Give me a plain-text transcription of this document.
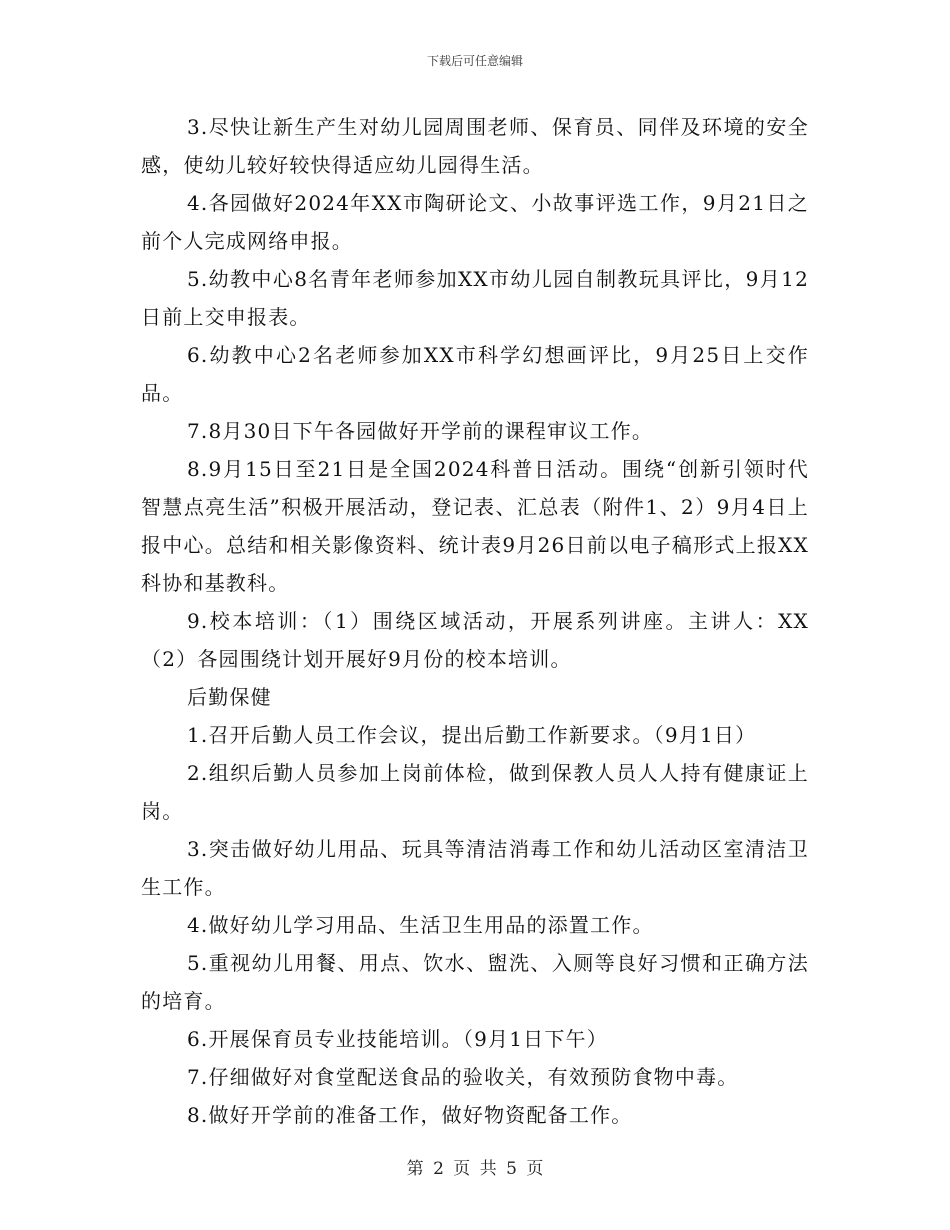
下载后可任意编辑

3.尽快让新生产生对幼儿园周围老师、保育员、同伴及环境的安全感，使幼儿较好较快得适应幼儿园得生活。

4.各园做好2024年XX市陶研论文、小故事评选工作，9月21日之前个人完成网络申报。

5.幼教中心8名青年老师参加XX市幼儿园自制教玩具评比，9月12日前上交申报表。

6.幼教中心2名老师参加XX市科学幻想画评比，9月25日上交作品。

7.8月30日下午各园做好开学前的课程审议工作。

8.9月15日至21日是全国2024科普日活动。围绕“创新引领时代 智慧点亮生活”积极开展活动，登记表、汇总表（附件1、2）9月4日上报中心。总结和相关影像资料、统计表9月26日前以电子稿形式上报XX科协和基教科。

9.校本培训：（1）围绕区域活动，开展系列讲座。主讲人：XX（2）各园围绕计划开展好9月份的校本培训。

后勤保健

1.召开后勤人员工作会议，提出后勤工作新要求。（9月1日）

2.组织后勤人员参加上岗前体检，做到保教人员人人持有健康证上岗。

3.突击做好幼儿用品、玩具等清洁消毒工作和幼儿活动区室清洁卫生工作。

4.做好幼儿学习用品、生活卫生用品的添置工作。

5.重视幼儿用餐、用点、饮水、盥洗、入厕等良好习惯和正确方法的培育。

6.开展保育员专业技能培训。（9月1日下午）

7.仔细做好对食堂配送食品的验收关，有效预防食物中毒。

8.做好开学前的准备工作，做好物资配备工作。

第 2 页 共 5 页
